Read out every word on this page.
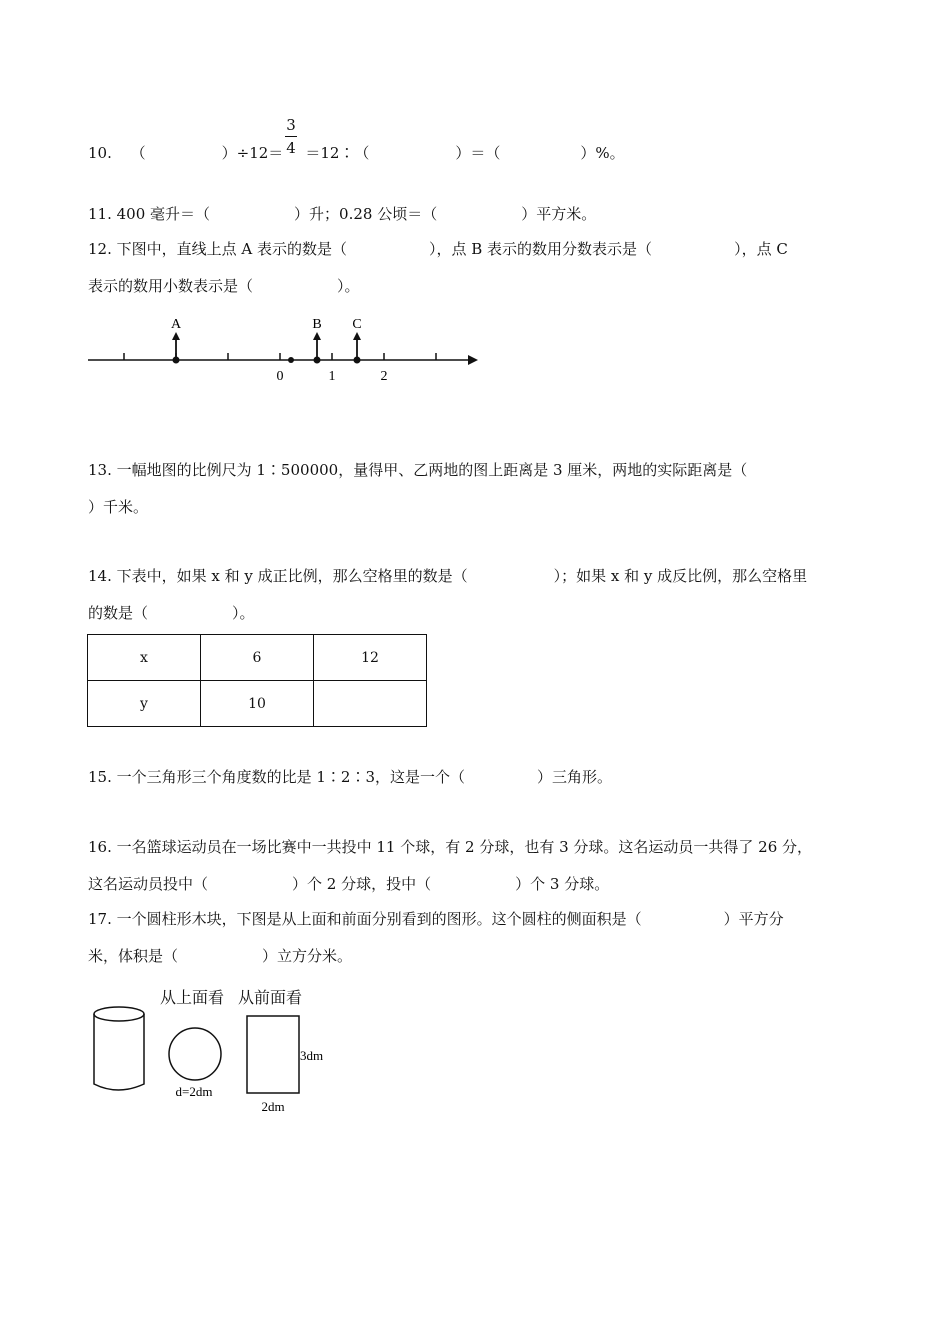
3
4
10. （	）÷12＝ ＝12∶（	）＝（	）%。
11. 400 毫升＝（	）升；0.28 公顷＝（	）平方米。
12. 下图中，直线上点 A 表示的数是（	），点 B 表示的数用分数表示是（	），点 C
表示的数用小数表示是（	）。
A	B C
0	1	2
13. 一幅地图的比例尺为 1∶500000，量得甲、乙两地的图上距离是 3 厘米，两地的实际距离是（
）千米。
14. 下表中，如果 x 和 y 成正比例，那么空格里的数是（	）；如果 x 和 y 成反比例，那么空格里
的数是（	）。
x	6	12
y	10	
15. 一个三角形三个角度数的比是 1∶2∶3，这是一个（	）三角形。
16. 一名篮球运动员在一场比赛中一共投中 11 个球，有 2 分球，也有 3 分球。这名运动员一共得了 26 分，
这名运动员投中（	）个 2 分球，投中（	）个 3 分球。
17. 一个圆柱形木块，下图是从上面和前面分别看到的图形。这个圆柱的侧面积是（	）平方分
米，体积是（	）立方分米。
从上面看 从前面看
d=2dm
3dm
2dm
